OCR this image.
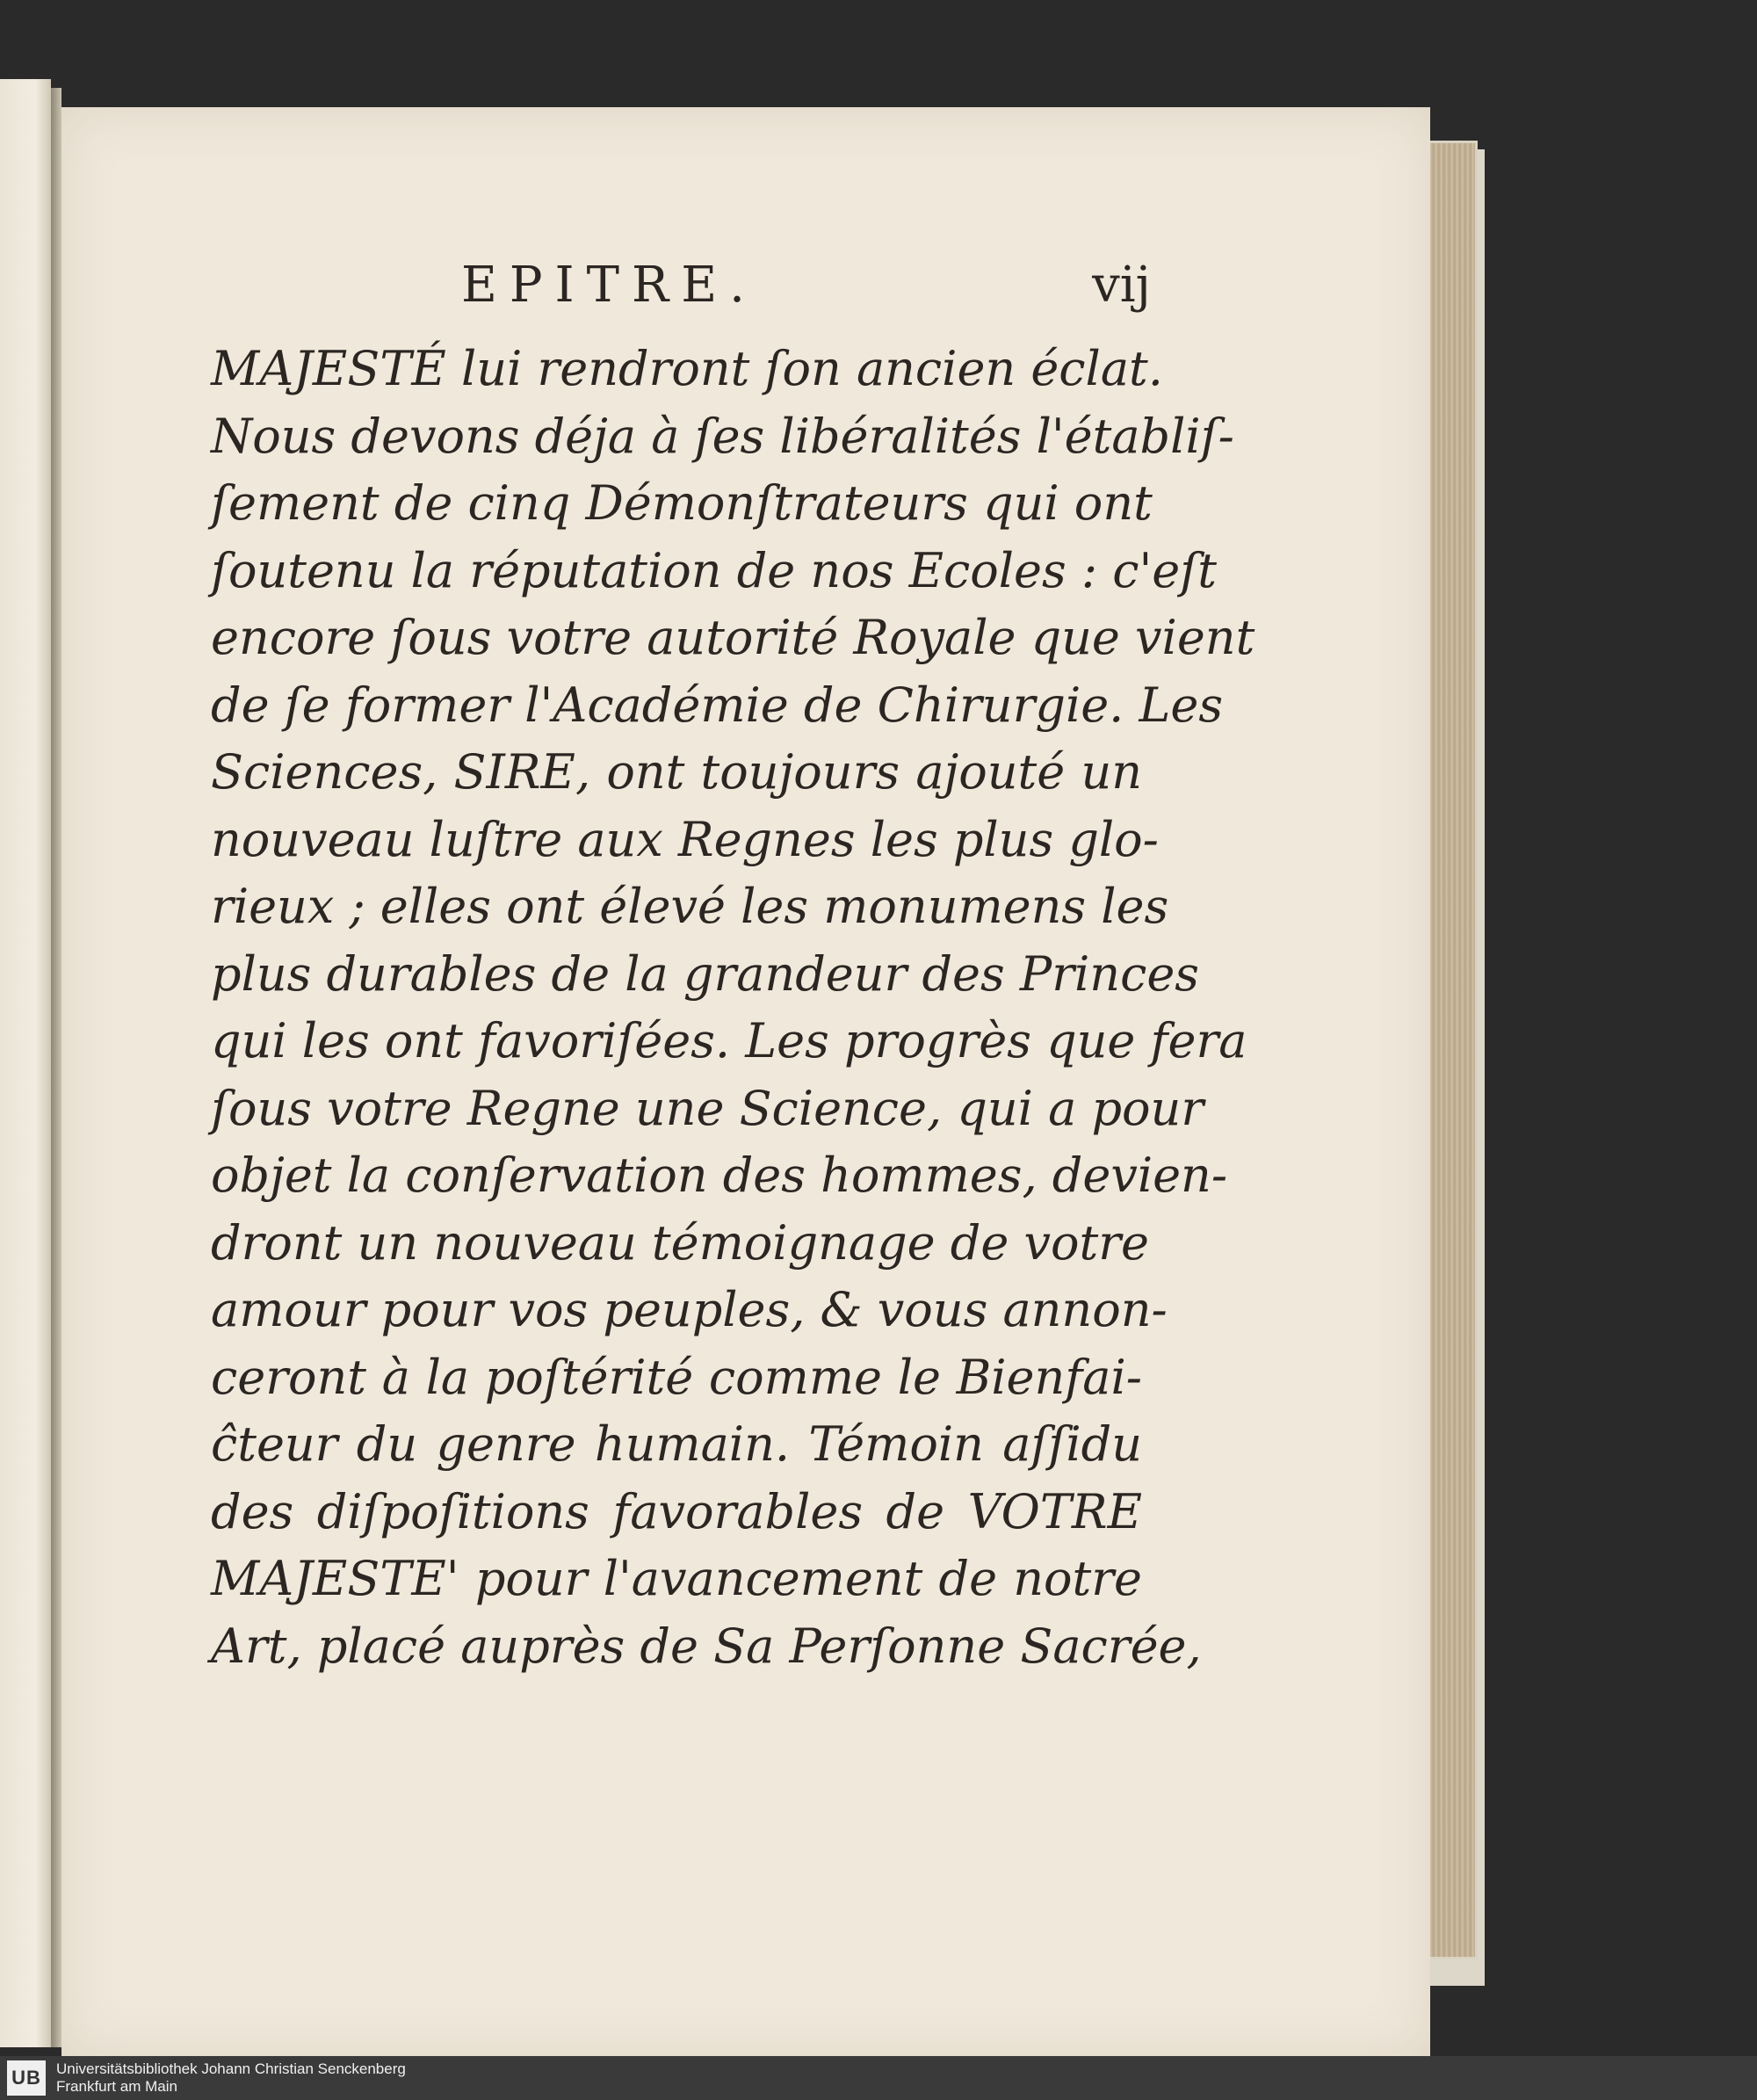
EPITRE.	vij
MAJESTÉ lui rendront ſon ancien éclat.
Nous devons déja à ſes libéralités l'établiſ-
ſement de cinq Démonſtrateurs qui ont
ſoutenu la réputation de nos Ecoles : c'eſt
encore ſous votre autorité Royale que vient
de ſe former l'Académie de Chirurgie. Les
Sciences, SIRE, ont toujours ajouté un
nouveau luſtre aux Regnes les plus glo-
rieux ; elles ont élevé les monumens les
plus durables de la grandeur des Princes
qui les ont favoriſées. Les progrès que fera
ſous votre Regne une Science, qui a pour
objet la conſervation des hommes, devien-
dront un nouveau témoignage de votre
amour pour vos peuples, & vous annon-
ceront à la poſtérité comme le Bienfai-
ĉteur du genre humain. Témoin aſſidu
des diſpoſitions favorables de VOTRE
MAJESTE' pour l'avancement de notre
Art, placé auprès de Sa Perſonne Sacrée,
UB	Universitätsbibliothek Johann Christian Senckenberg
Frankfurt am Main
